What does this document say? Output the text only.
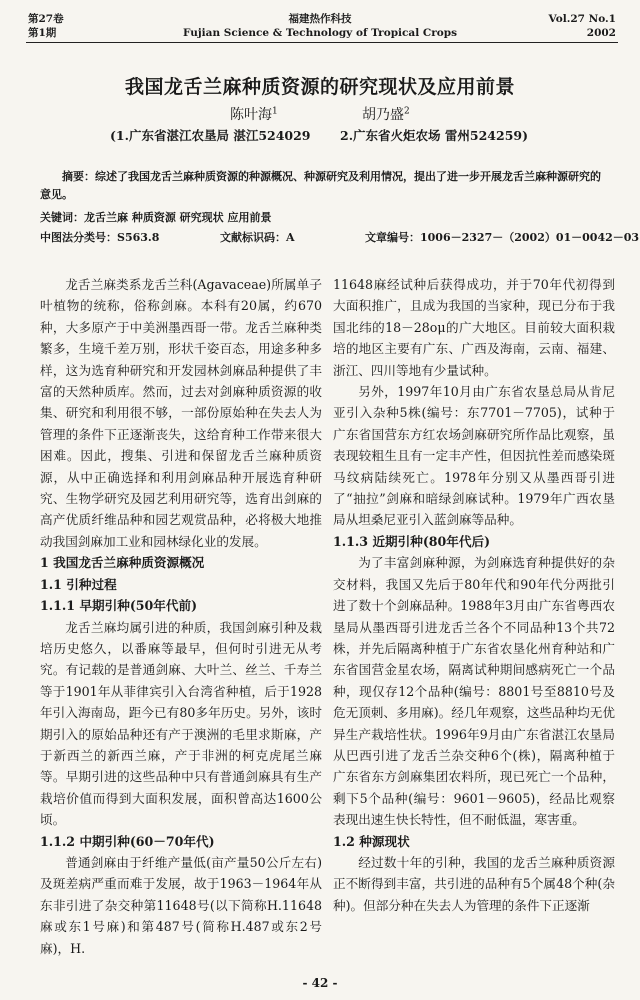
第27卷
第1期
福建热作科技
Fujian Science & Technology of Tropical Crops
Vol.27 No.1
2002
我国龙舌兰麻种质资源的研究现状及应用前景
陈叶海$^1$	胡乃盛$^2$
(1.广东省湛江农垦局 湛江524029 2.广东省火炬农场 雷州524259)

摘要：综述了我国龙舌兰麻种质资源的种源概况、种源研究及利用情况，提出了进一步开展龙舌兰麻种源研究的意见。

关键词：龙舌兰麻 种质资源 研究现状 应用前景
中图法分类号：S563.8	文献标识码：A	文章编号：1006－2327－（2002）01－0042－03

龙舌兰麻类系龙舌兰科(Agavaceae)所属单子叶植物的统称，俗称剑麻。本科有20属，约670种，大多原产于中美洲墨西哥一带。龙舌兰麻种类繁多，生境千差万别，形状千姿百态，用途多种多样，这为选育种研究和开发园林剑麻品种提供了丰富的天然种质库。然而，过去对剑麻种质资源的收集、研究和利用很不够，一部份原始种在失去人为管理的条件下正逐渐丧失，这给育种工作带来很大困难。因此，搜集、引进和保留龙舌兰麻种质资源，从中正确选择和利用剑麻品种开展选育种研究、生物学研究及园艺利用研究等，选育出剑麻的高产优质纤维品种和园艺观赏品种，必将极大地推动我国剑麻加工业和园林绿化业的发展。

1 我国龙舌兰麻种质资源概况
1.1 引种过程
1.1.1 早期引种(50年代前)

龙舌兰麻均属引进的种质，我国剑麻引种及栽培历史悠久，以番麻等最早，但何时引进无从考究。有记载的是普通剑麻、大叶兰、丝兰、千寿兰等于1901年从菲律宾引入台湾省种植，后于1928年引入海南岛，距今已有80多年历史。另外，该时期引入的原始品种还有产于澳洲的毛里求斯麻，产于新西兰的新西兰麻，产于非洲的柯克虎尾兰麻等。早期引进的这些品种中只有普通剑麻具有生产栽培价值而得到大面积发展，面积曾高达1600公顷。

1.1.2 中期引种(60－70年代)

普通剑麻由于纤维产量低(亩产量50公斤左右)及斑差病严重而难于发展，故于1963－1964年从东非引进了杂交种第11648号(以下简称H.11648麻或东1号麻)和第487号(简称H.487或东2号麻)，H.

11648麻经试种后获得成功，并于70年代初得到大面积推广，且成为我国的当家种，现已分布于我国北纬的18－28oμ的广大地区。目前较大面积栽培的地区主要有广东、广西及海南，云南、福建、浙江、四川等地有少量试种。

另外，1997年10月由广东省农垦总局从肯尼亚引入杂种5株(编号：东7701－7705)，试种于广东省国营东方红农场剑麻研究所作品比观察，虽表现较粗生且有一定丰产性，但因抗性差而感染斑马纹病陆续死亡。1978年分别又从墨西哥引进了“抽拉”剑麻和暗绿剑麻试种。1979年广西农垦局从坦桑尼亚引入蓝剑麻等品种。

1.1.3 近期引种(80年代后)

为了丰富剑麻种源，为剑麻选育种提供好的杂交材料，我国又先后于80年代和90年代分两批引进了数十个剑麻品种。1988年3月由广东省粤西农垦局从墨西哥引进龙舌兰各个不同品种13个共72株，并先后隔离种植于广东省农垦化州育种站和广东省国营金星农场，隔离试种期间感病死亡一个品种，现仅存12个品种(编号：8801号至8810号及危无顶刺、多用麻)。经几年观察，这些品种均无优异生产栽培性状。1996年9月由广东省湛江农垦局从巴西引进了龙舌兰杂交种6个(株)，隔离种植于广东省东方剑麻集团农料所，现已死亡一个品种，剩下5个品种(编号：9601－9605)，经品比观察表现出速生快长特性，但不耐低温，寒害重。

1.2 种源现状

经过数十年的引种，我国的龙舌兰麻种质资源正不断得到丰富，共引进的品种有5个属48个种(杂种)。但部分种在失去人为管理的条件下正逐渐

- 42 -
